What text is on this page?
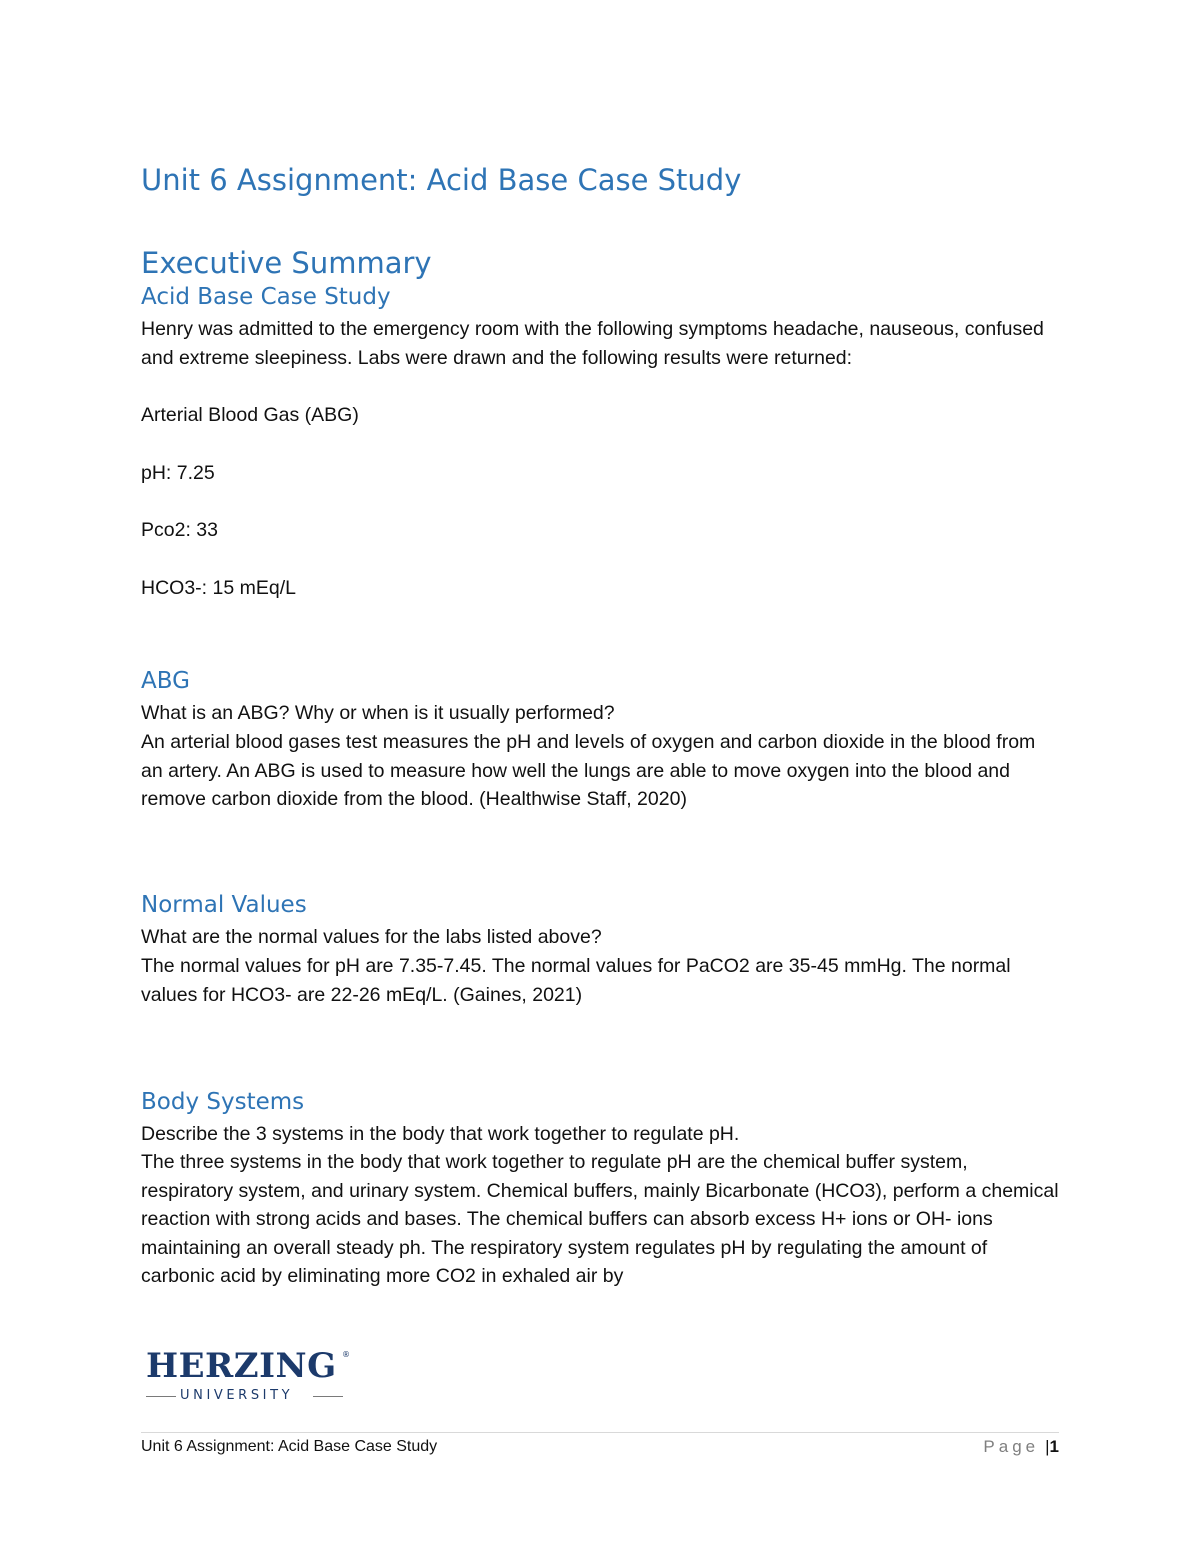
Unit 6 Assignment: Acid Base Case Study
Executive Summary
Acid Base Case Study

Henry was admitted to the emergency room with the following symptoms headache, nauseous, confused and extreme sleepiness. Labs were drawn and the following results were returned:

Arterial Blood Gas (ABG)

pH: 7.25

Pco2: 33

HCO3-: 15 mEq/L

ABG

What is an ABG? Why or when is it usually performed?

An arterial blood gases test measures the pH and levels of oxygen and carbon dioxide in the blood from an artery. An ABG is used to measure how well the lungs are able to move oxygen into the blood and remove carbon dioxide from the blood. (Healthwise Staff, 2020)

Normal Values

What are the normal values for the labs listed above?

The normal values for pH are 7.35-7.45. The normal values for PaCO2 are 35-45 mmHg. The normal values for HCO3- are 22-26 mEq/L. (Gaines, 2021)

Body Systems

Describe the 3 systems in the body that work together to regulate pH.

The three systems in the body that work together to regulate pH are the chemical buffer system, respiratory system, and urinary system. Chemical buffers, mainly Bicarbonate (HCO3), perform a chemical reaction with strong acids and bases. The chemical buffers can absorb excess H+ ions or OH- ions maintaining an overall steady ph. The respiratory system regulates pH by regulating the amount of carbonic acid by eliminating more CO2 in exhaled air by

HERZING ®
UNIVERSITY
Unit 6 Assignment: Acid Base Case Study	Page |1
